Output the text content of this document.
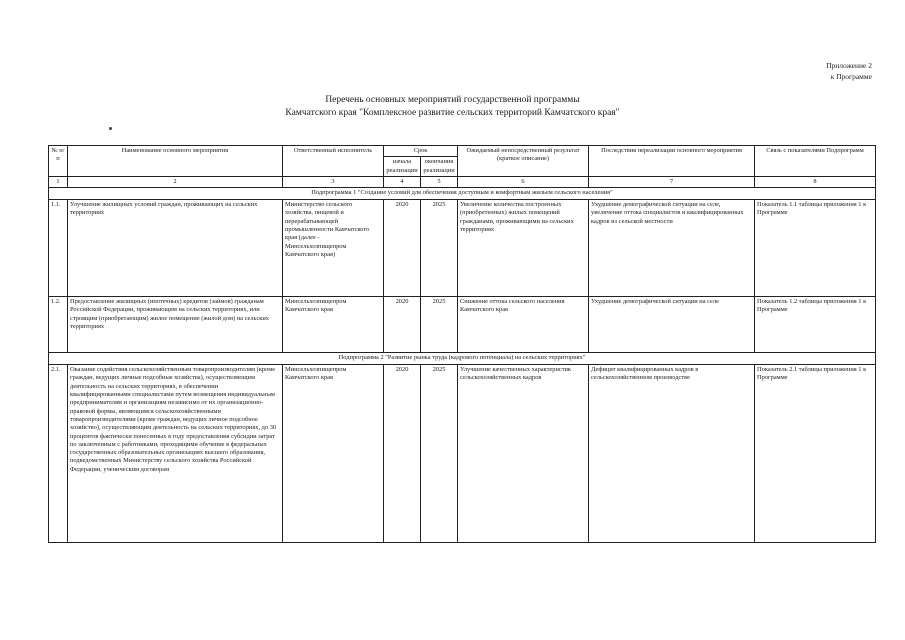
Приложение 2
к Программе
Перечень основных мероприятий государственной программы
Камчатского края "Комплексное развитие сельских территорий Камчатского края"
№ п/п	Наименование основного мероприятия	Ответственный исполнитель	Срок		Ожидаемый непосредственный результат (краткое описание)	Последствия нереализации основного мероприятия	Связь с показателями Подпрограмм
			начала реализации	окончания реализации			
1	2	3	4	5	6	7	8
Подпрограмма 1 "Создание условий для обеспечения доступным и комфортным жильем сельского населения"							
1.1.	Улучшение жилищных условий граждан, проживающих на сельских территориях	Министерство сельского хозяйства, пищевой и перерабатывающей промышленности Камчатского края (далее - Минсельхозпищепром Камчатского края)	2020	2025	Увеличение количества построенных (приобретенных) жилых помещений гражданами, проживающими на сельских территориях	Ухудшение демографической ситуации на селе, увеличение оттока специалистов и квалифицированных кадров из сельской местности	Показатель 1.1 таблицы приложения 1 к Программе
1.2.	Предоставление жилищных (ипотечных) кредитов (займов) гражданам Российской Федерации, проживающим на сельских территориях, или строящим (приобретающим) жилое помещение (жилой дом) на сельских территориях	Минсельхозпищепром Камчатского края	2020	2025	Снижение оттока сельского населения Камчатского края	Ухудшение демографической ситуации на селе	Показатель 1.2 таблицы приложения 1 к Программе
Подпрограмма 2 "Развитие рынка труда (кадрового потенциала) на сельских территориях"							
2.1.	Оказание содействия сельскохозяйственным товаропроизводителям (кроме граждан, ведущих личные подсобные хозяйства), осуществляющим деятельность на сельских территориях, в обеспечении квалифицированными специалистами путем возмещения индивидуальным предпринимателям и организациям независимо от их организационно-правовой формы, являющимся сельскохозяйственными товаропроизводителями (кроме граждан, ведущих личное подсобное хозяйство), осуществляющим деятельность на сельских территориях, до 30 процентов фактически понесенных в году предоставления субсидии затрат по заключенным с работниками, проходящими обучение в федеральных государственных образовательных организациях высшего образования, подведомственных Министерству сельского хозяйства Российской Федерации, ученическим договорам	Минсельхозпищепром Камчатского края	2020	2025	Улучшение качественных характеристик сельскохозяйственных кадров	Дефицит квалифицированных кадров в сельскохозяйственном производстве	Показатель 2.1 таблицы приложения 1 к Программе
